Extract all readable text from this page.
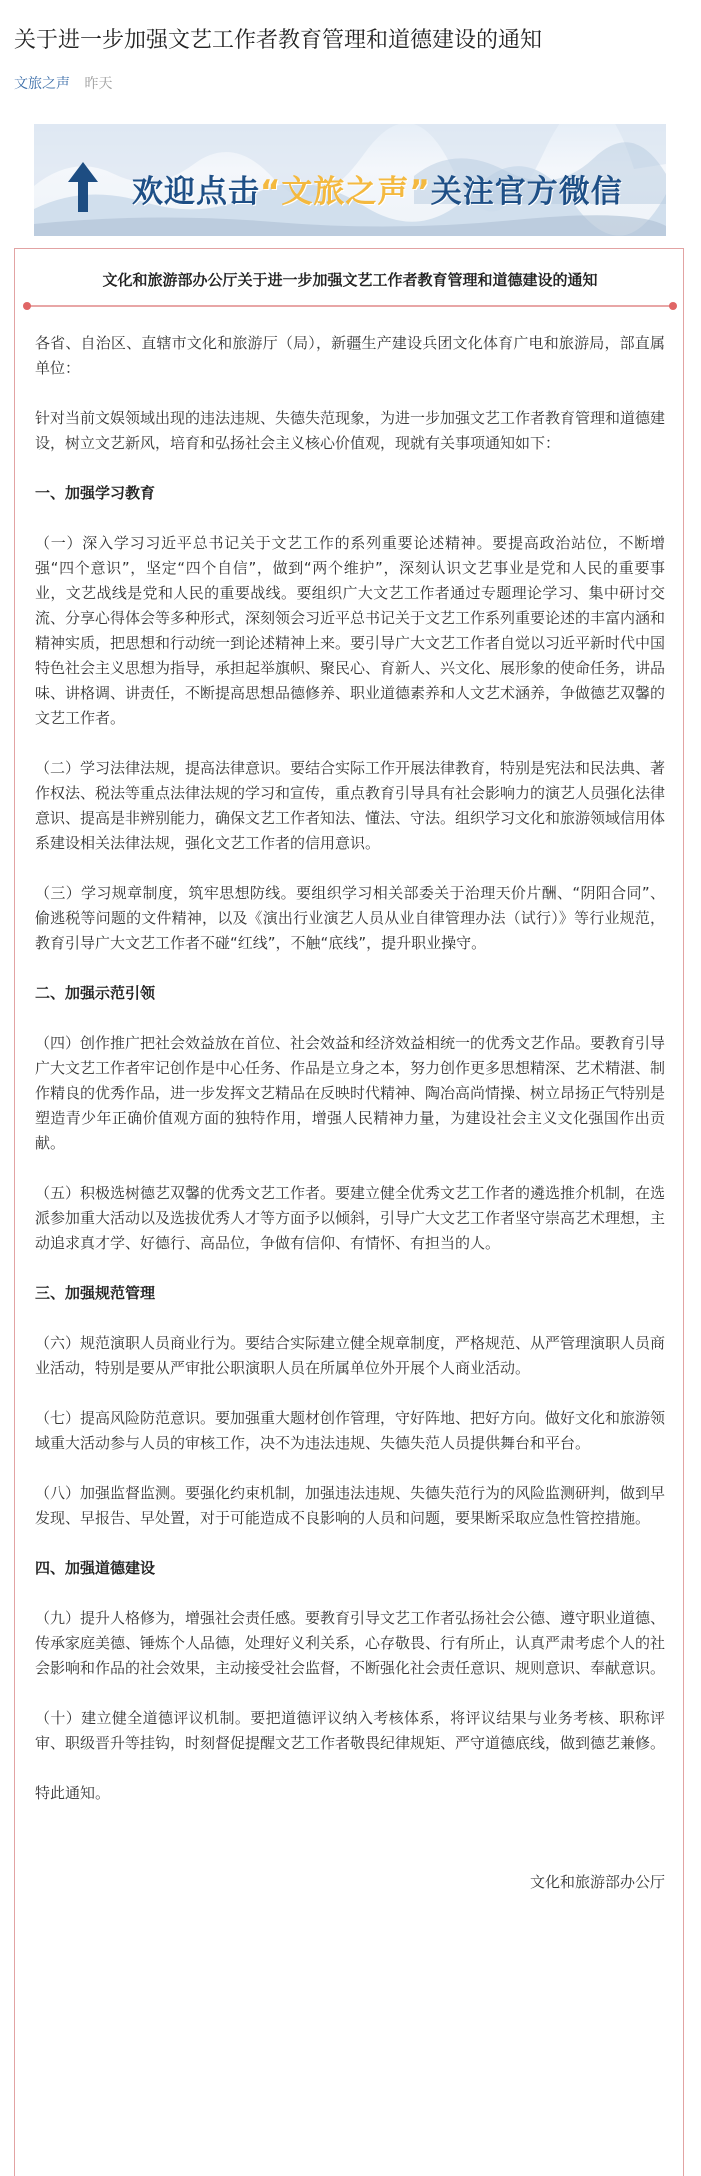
关于进一步加强文艺工作者教育管理和道德建设的通知
文旅之声 昨天
欢迎点击“文旅之声”关注官方微信
文化和旅游部办公厅关于进一步加强文艺工作者教育管理和道德建设的通知

各省、自治区、直辖市文化和旅游厅（局），新疆生产建设兵团文化体育广电和旅游局，部直属单位：

针对当前文娱领域出现的违法违规、失德失范现象，为进一步加强文艺工作者教育管理和道德建设，树立文艺新风，培育和弘扬社会主义核心价值观，现就有关事项通知如下：

一、加强学习教育

（一）深入学习习近平总书记关于文艺工作的系列重要论述精神。要提高政治站位，不断增强“四个意识”，坚定“四个自信”，做到“两个维护”，深刻认识文艺事业是党和人民的重要事业，文艺战线是党和人民的重要战线。要组织广大文艺工作者通过专题理论学习、集中研讨交流、分享心得体会等多种形式，深刻领会习近平总书记关于文艺工作系列重要论述的丰富内涵和精神实质，把思想和行动统一到论述精神上来。要引导广大文艺工作者自觉以习近平新时代中国特色社会主义思想为指导，承担起举旗帜、聚民心、育新人、兴文化、展形象的使命任务，讲品味、讲格调、讲责任，不断提高思想品德修养、职业道德素养和人文艺术涵养，争做德艺双馨的文艺工作者。

（二）学习法律法规，提高法律意识。要结合实际工作开展法律教育，特别是宪法和民法典、著作权法、税法等重点法律法规的学习和宣传，重点教育引导具有社会影响力的演艺人员强化法律意识、提高是非辨别能力，确保文艺工作者知法、懂法、守法。组织学习文化和旅游领域信用体系建设相关法律法规，强化文艺工作者的信用意识。

（三）学习规章制度，筑牢思想防线。要组织学习相关部委关于治理天价片酬、“阴阳合同”、偷逃税等问题的文件精神，以及《演出行业演艺人员从业自律管理办法（试行）》等行业规范，教育引导广大文艺工作者不碰“红线”，不触“底线”，提升职业操守。

二、加强示范引领

（四）创作推广把社会效益放在首位、社会效益和经济效益相统一的优秀文艺作品。要教育引导广大文艺工作者牢记创作是中心任务、作品是立身之本，努力创作更多思想精深、艺术精湛、制作精良的优秀作品，进一步发挥文艺精品在反映时代精神、陶冶高尚情操、树立昂扬正气特别是塑造青少年正确价值观方面的独特作用，增强人民精神力量，为建设社会主义文化强国作出贡献。

（五）积极选树德艺双馨的优秀文艺工作者。要建立健全优秀文艺工作者的遴选推介机制，在选派参加重大活动以及选拔优秀人才等方面予以倾斜，引导广大文艺工作者坚守崇高艺术理想，主动追求真才学、好德行、高品位，争做有信仰、有情怀、有担当的人。

三、加强规范管理

（六）规范演职人员商业行为。要结合实际建立健全规章制度，严格规范、从严管理演职人员商业活动，特别是要从严审批公职演职人员在所属单位外开展个人商业活动。

（七）提高风险防范意识。要加强重大题材创作管理，守好阵地、把好方向。做好文化和旅游领域重大活动参与人员的审核工作，决不为违法违规、失德失范人员提供舞台和平台。

（八）加强监督监测。要强化约束机制，加强违法违规、失德失范行为的风险监测研判，做到早发现、早报告、早处置，对于可能造成不良影响的人员和问题，要果断采取应急性管控措施。

四、加强道德建设

（九）提升人格修为，增强社会责任感。要教育引导文艺工作者弘扬社会公德、遵守职业道德、传承家庭美德、锤炼个人品德，处理好义利关系，心存敬畏、行有所止，认真严肃考虑个人的社会影响和作品的社会效果，主动接受社会监督，不断强化社会责任意识、规则意识、奉献意识。

（十）建立健全道德评议机制。要把道德评议纳入考核体系，将评议结果与业务考核、职称评审、职级晋升等挂钩，时刻督促提醒文艺工作者敬畏纪律规矩、严守道德底线，做到德艺兼修。

特此通知。

文化和旅游部办公厅
